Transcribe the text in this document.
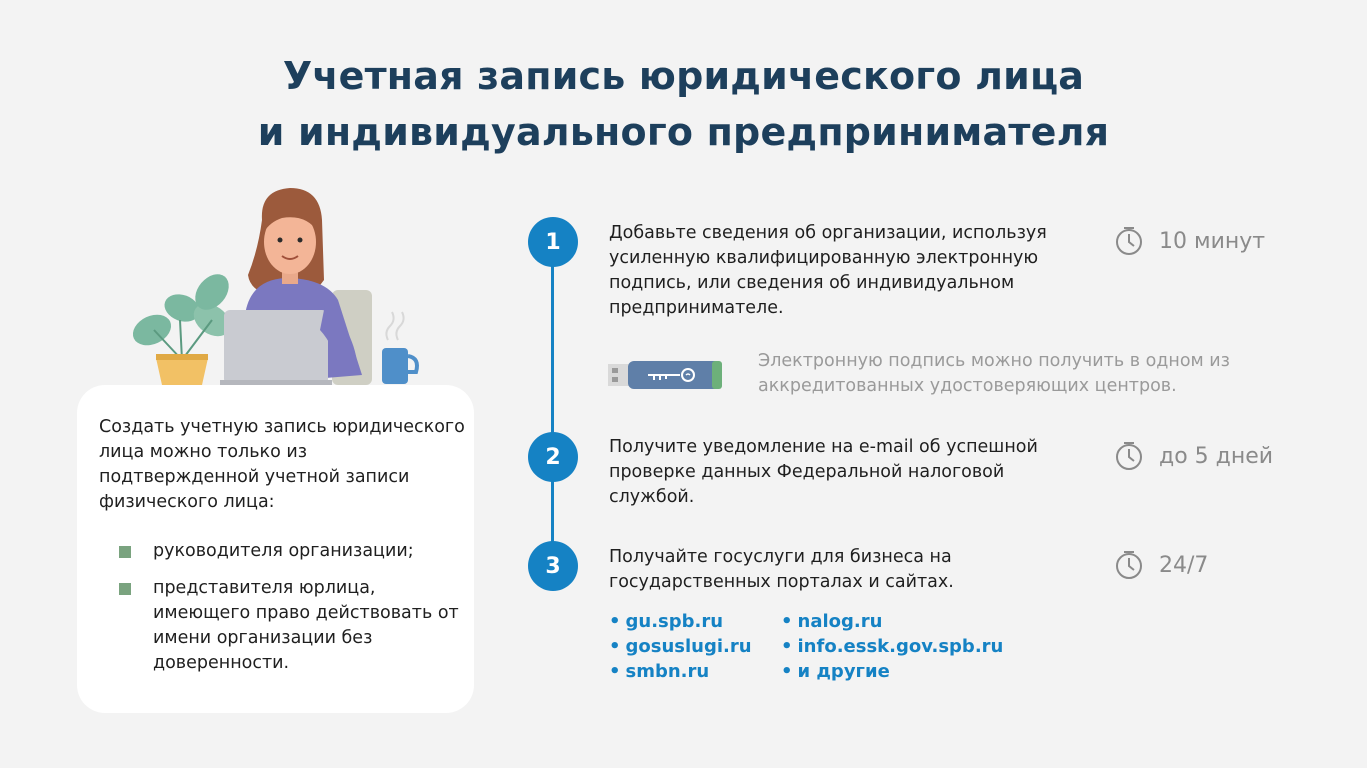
Учетная запись юридического лица
и индивидуального предпринимателя
Создать учетную запись юридического лица можно только из подтвержденной учетной записи физического лица:
руководителя организации;
представителя юрлица, имеющего право действовать от имени организации без доверенности.
1	Добавьте сведения об организации, используя усиленную квалифицированную электронную подпись, или сведения об индивидуальном предпринимателе.
10 минут
Электронную подпись можно получить в одном из аккредитованных удостоверяющих центров.
2	Получите уведомление на e-mail об успешной проверке данных Федеральной налоговой службой.
до 5 дней
3	Получайте госуслуги для бизнеса на государственных порталах и сайтах.
24/7
• gu.spb.ru	• nalog.ru
• gosuslugi.ru	• info.essk.gov.spb.ru
• smbn.ru	• и другие
